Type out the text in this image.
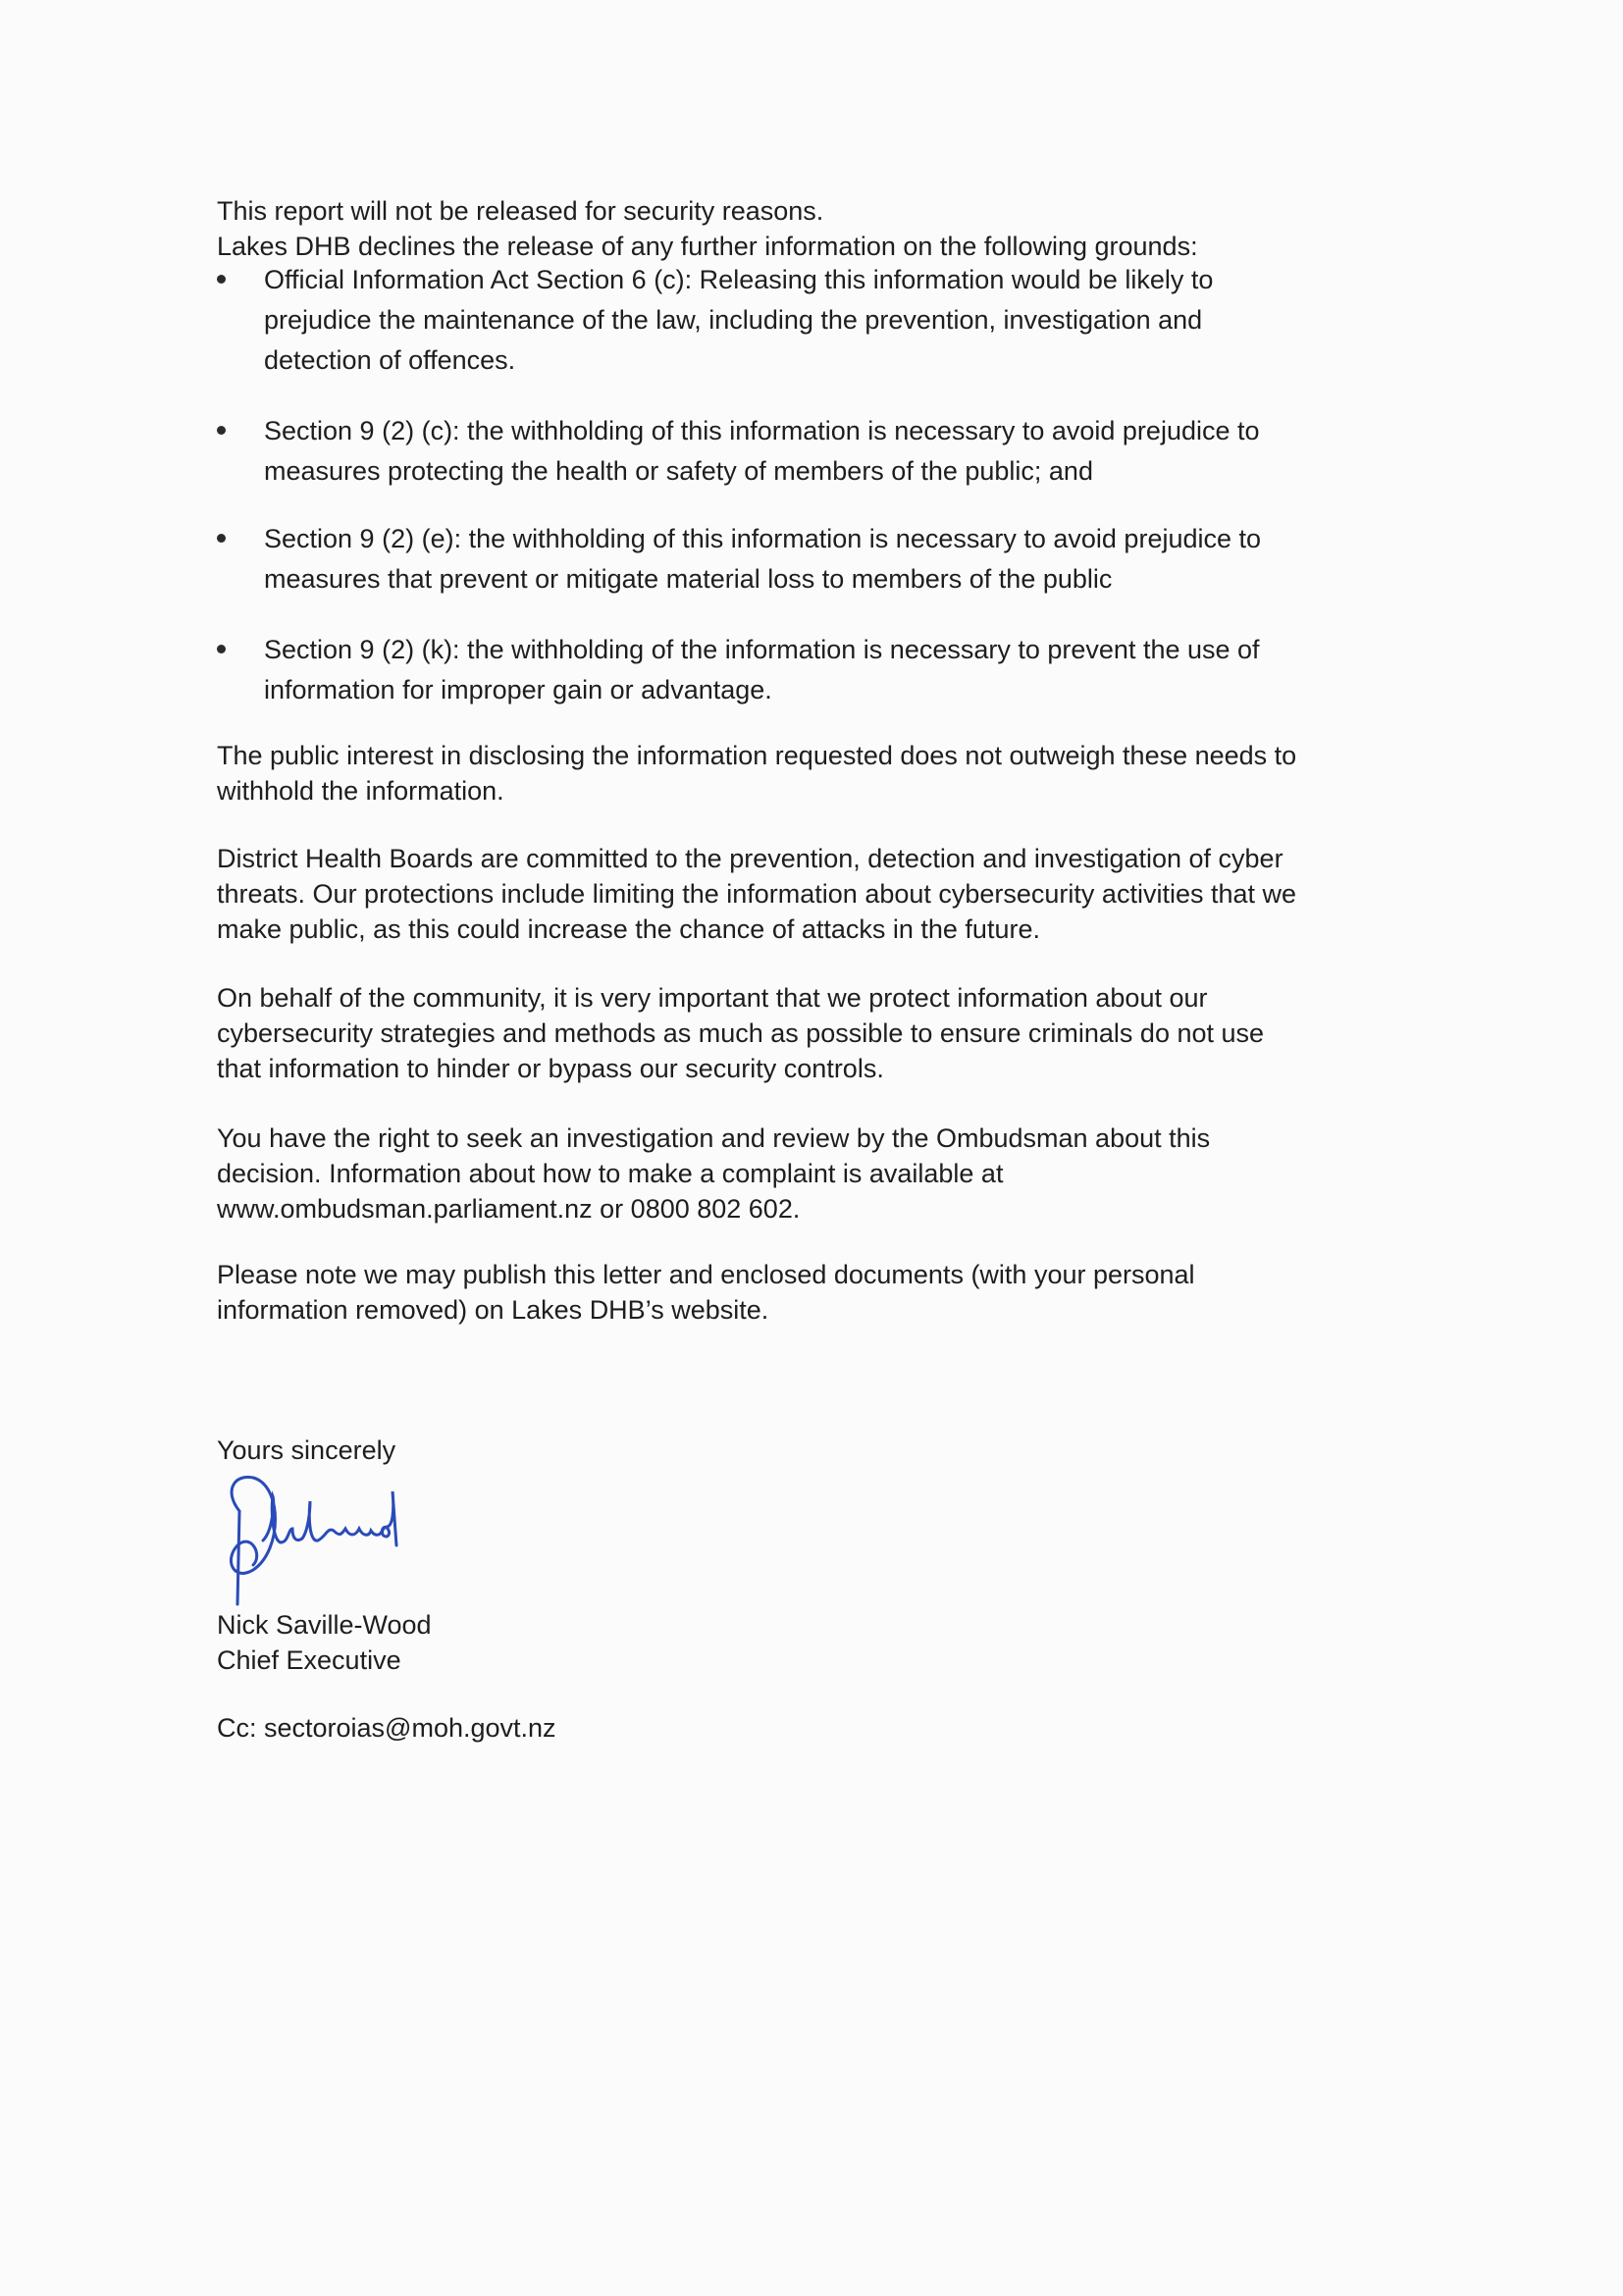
This report will not be released for security reasons.
Lakes DHB declines the release of any further information on the following grounds:
Official Information Act Section 6 (c): Releasing this information would be likely to
prejudice the maintenance of the law, including the prevention, investigation and
detection of offences.
Section 9 (2) (c): the withholding of this information is necessary to avoid prejudice to
measures protecting the health or safety of members of the public; and
Section 9 (2) (e): the withholding of this information is necessary to avoid prejudice to
measures that prevent or mitigate material loss to members of the public
Section 9 (2) (k): the withholding of the information is necessary to prevent the use of
information for improper gain or advantage.
The public interest in disclosing the information requested does not outweigh these needs to
withhold the information.
District Health Boards are committed to the prevention, detection and investigation of cyber
threats. Our protections include limiting the information about cybersecurity activities that we
make public, as this could increase the chance of attacks in the future.
On behalf of the community, it is very important that we protect information about our
cybersecurity strategies and methods as much as possible to ensure criminals do not use
that information to hinder or bypass our security controls.
You have the right to seek an investigation and review by the Ombudsman about this
decision. Information about how to make a complaint is available at
www.ombudsman.parliament.nz or 0800 802 602.
Please note we may publish this letter and enclosed documents (with your personal
information removed) on Lakes DHB’s website.
Yours sincerely
Nick Saville-Wood
Chief Executive
Cc: sectoroias@moh.govt.nz
